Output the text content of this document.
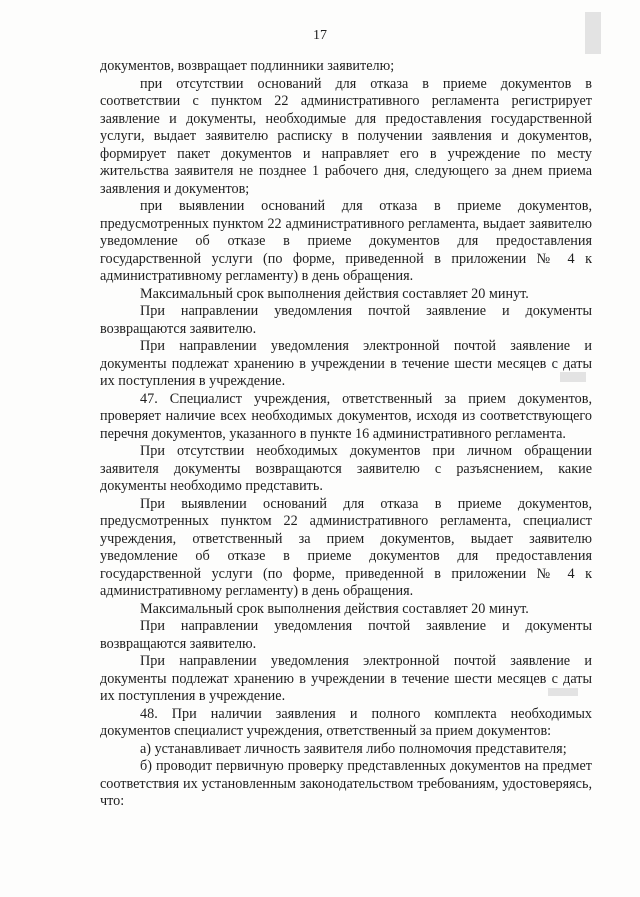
17

документов, возвращает подлинники заявителю;

при отсутствии оснований для отказа в приеме документов в соответствии с пунктом 22 административного регламента регистрирует заявление и документы, необходимые для предоставления государственной услуги, выдает заявителю расписку в получении заявления и документов, формирует пакет документов и направляет его в учреждение по месту жительства заявителя не позднее 1 рабочего дня, следующего за днем приема заявления и документов;

при выявлении оснований для отказа в приеме документов, предусмотренных пунктом 22 административного регламента, выдает заявителю уведомление об отказе в приеме документов для предоставления государственной услуги (по форме, приведенной в приложении № 4 к административному регламенту) в день обращения.

Максимальный срок выполнения действия составляет 20 минут.

При направлении уведомления почтой заявление и документы возвращаются заявителю.

При направлении уведомления электронной почтой заявление и документы подлежат хранению в учреждении в течение шести месяцев с даты их поступления в учреждение.

47. Специалист учреждения, ответственный за прием документов, проверяет наличие всех необходимых документов, исходя из соответствующего перечня документов, указанного в пункте 16 административного регламента.

При отсутствии необходимых документов при личном обращении заявителя документы возвращаются заявителю с разъяснением, какие документы необходимо представить.

При выявлении оснований для отказа в приеме документов, предусмотренных пунктом 22 административного регламента, специалист учреждения, ответственный за прием документов, выдает заявителю уведомление об отказе в приеме документов для предоставления государственной услуги (по форме, приведенной в приложении № 4 к административному регламенту) в день обращения.

Максимальный срок выполнения действия составляет 20 минут.

При направлении уведомления почтой заявление и документы возвращаются заявителю.

При направлении уведомления электронной почтой заявление и документы подлежат хранению в учреждении в течение шести месяцев с даты их поступления в учреждение.

48. При наличии заявления и полного комплекта необходимых документов специалист учреждения, ответственный за прием документов:

а) устанавливает личность заявителя либо полномочия представителя;

б) проводит первичную проверку представленных документов на предмет соответствия их установленным законодательством требованиям, удостоверяясь, что:
